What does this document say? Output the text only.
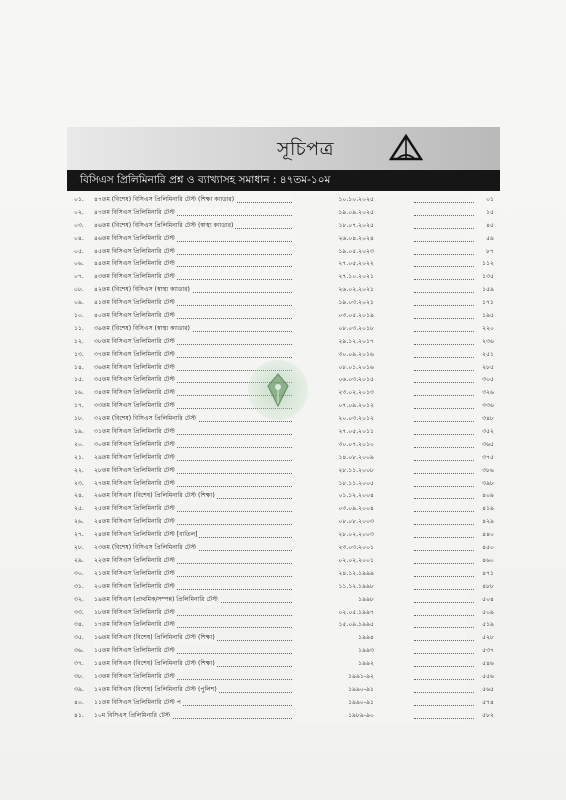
সূচিপত্র
বিসিএস প্রিলিমিনারি প্রশ্ন ও ব্যাখ্যাসহ সমাধান : ৪৭তম-১০ম
০১.	৪৭তম (বিশেষ) বিসিএস প্রিলিমিনারি টেস্ট (শিক্ষা ক্যাডার)	১০.১০.২০২৫	০১
০২.	৪৭তম বিসিএস প্রিলিমিনারি টেস্ট	১৯.০৯.২০২৫	১৫
০৩.	৪৬তম (বিশেষ) বিসিএস প্রিলিমিনারি টেস্ট (স্বাস্থ্য ক্যাডার)	১৮.০৭.২০২৫	৪৫
০৪.	৪৬তম বিসিএস প্রিলিমিনারি টেস্ট	২৬.০৪.২০২৪	৫৯
০৫.	৪৫তম বিসিএস প্রিলিমিনারি টেস্ট	১৯.০৫.২০২৩	৮৭
০৬.	৪৪তম বিসিএস প্রিলিমিনারি টেস্ট	২৭.০৫.২০২২	১১২
০৭.	৪৩তম বিসিএস প্রিলিমিনারি টেস্ট	২৭.১০.২০২১	১৩৫
০৮.	৪২তম (বিশেষ) বিসিএস (স্বাস্থ্য ক্যাডার)	২৬.০২.২০২১	১৫৯
০৯.	৪১তম বিসিএস প্রিলিমিনারি টেস্ট	১৯.০৩.২০২১	১৭১
১০.	৪০তম বিসিএস প্রিলিমিনারি টেস্ট	০৩.০৫.২০১৯	১৯৫
১১.	৩৯তম (বিশেষ) বিসিএস (স্বাস্থ্য ক্যাডার)	০৮.০৩.২০১৮	২২০
১২.	৩৮তম বিসিএস প্রিলিমিনারি টেস্ট	২৯.১২.২০১৭	২৩৬
১৩.	৩৭তম বিসিএস প্রিলিমিনারি টেস্ট	৩০.০৯.২০১৬	২৫১
১৪.	৩৬তম বিসিএস প্রিলিমিনারি টেস্ট	০৮.০১.২০১৬	২৮৫
১৫.	৩৫তম বিসিএস প্রিলিমিনারি টেস্ট	০৬.০৩.২০১৫	৩০৫
১৬.	৩৪তম বিসিএস প্রিলিমিনারি টেস্ট	২৩.০২.২০১৩	৩২৬
১৭.	৩৩তম বিসিএস প্রিলিমিনারি টেস্ট	০৭.০৯.২০১২	৩৩৬
১৮.	৩২তম (বিশেষ) বিসিএস প্রিলিমিনারি টেস্ট	২০.০৩.২০১২	৩৪৮
১৯.	৩১তম বিসিএস প্রিলিমিনারি টেস্ট	২৭.০৫.২০১১	৩৫২
২০.	৩০তম বিসিএস প্রিলিমিনারি টেস্ট	৩০.০৭.২০১০	৩৬৫
২১.	২৯তম বিসিএস প্রিলিমিনারি টেস্ট	১৪.০৮.২০০৯	৩৭৫
২২.	২৮তম বিসিএস প্রিলিমিনারি টেস্ট	২৮.১১.২০০৮	৩৮৬
২৩.	২৭তম বিসিএস প্রিলিমিনারি টেস্ট	১৮.১১.২০০৫	৩৯৮
২৪.	২৬তম বিসিএস (বিশেষ) প্রিলিমিনারি টেস্ট (শিক্ষা)	০১.১২.২০০৪	৪০৯
২৫.	২৫তম বিসিএস প্রিলিমিনারি টেস্ট	০৩.০৯.২০০৪	৪১৯
২৬.	২৪তম বিসিএস প্রিলিমিনারি টেস্ট	০৮.০৮.২০০৩	৪২৯
২৭.	২৪তম বিসিএস প্রিলিমিনারি টেস্ট [বাতিল]	২৮.০২.২০০৩	৪৪০
২৮.	২৩তম (বিশেষ) বিসিএস প্রিলিমিনারি টেস্ট	২৩.০৩.২০০১	৪৫০
২৯.	২২তম বিসিএস প্রিলিমিনারি টেস্ট	০২.০২.২০০১	৪৬০
৩০.	২১তম বিসিএস প্রিলিমিনারি টেস্ট	২৪.১২.১৯৯৯	৪৭১
৩১.	২০তম বিসিএস প্রিলিমিনারি টেস্ট	১১.১২.১৯৯৮	৪৮৮
৩২.	১৯তম বিসিএস (প্রাথমিক/সম্পন্ন) প্রিলিমিনারি টেস্ট	১৯৯৮	৫০৪
৩৩.	১৮তম বিসিএস প্রিলিমিনারি টেস্ট	০২.০৫.১৯৯৭	৫০৯
৩৪.	১৭তম বিসিএস প্রিলিমিনারি টেস্ট	১৫.০৯.১৯৯৫	৫১৯
৩৫.	১৬তম বিসিএস (বিশেষ) প্রিলিমিনারি টেস্ট (শিক্ষা)	১৯৯৪	৫২৮
৩৬.	১৫তম বিসিএস প্রিলিমিনারি টেস্ট	১৯৯৩	৫৩৭
৩৭.	১৪তম বিসিএস (বিশেষ) প্রিলিমিনারি টেস্ট (শিক্ষা)	১৯৯২	৫৪৬
৩৮.	১৩তম বিসিএস প্রিলিমিনারি টেস্ট	১৯৯১-৯২	৫৫৬
৩৯.	১২তম বিসিএস (বিশেষ) প্রিলিমিনারি টেস্ট (পুলিশ)	১৯৯০-৯১	৫৬৫
৪০.	১১তম বিসিএস প্রিলিমিনারি টেস্ট প	১৯৯০-৯১	৫৭৪
৪১.	১০ম বিসিএস প্রিলিমিনারি টেস্ট	১৯৮৯-৯০	৫৮২
